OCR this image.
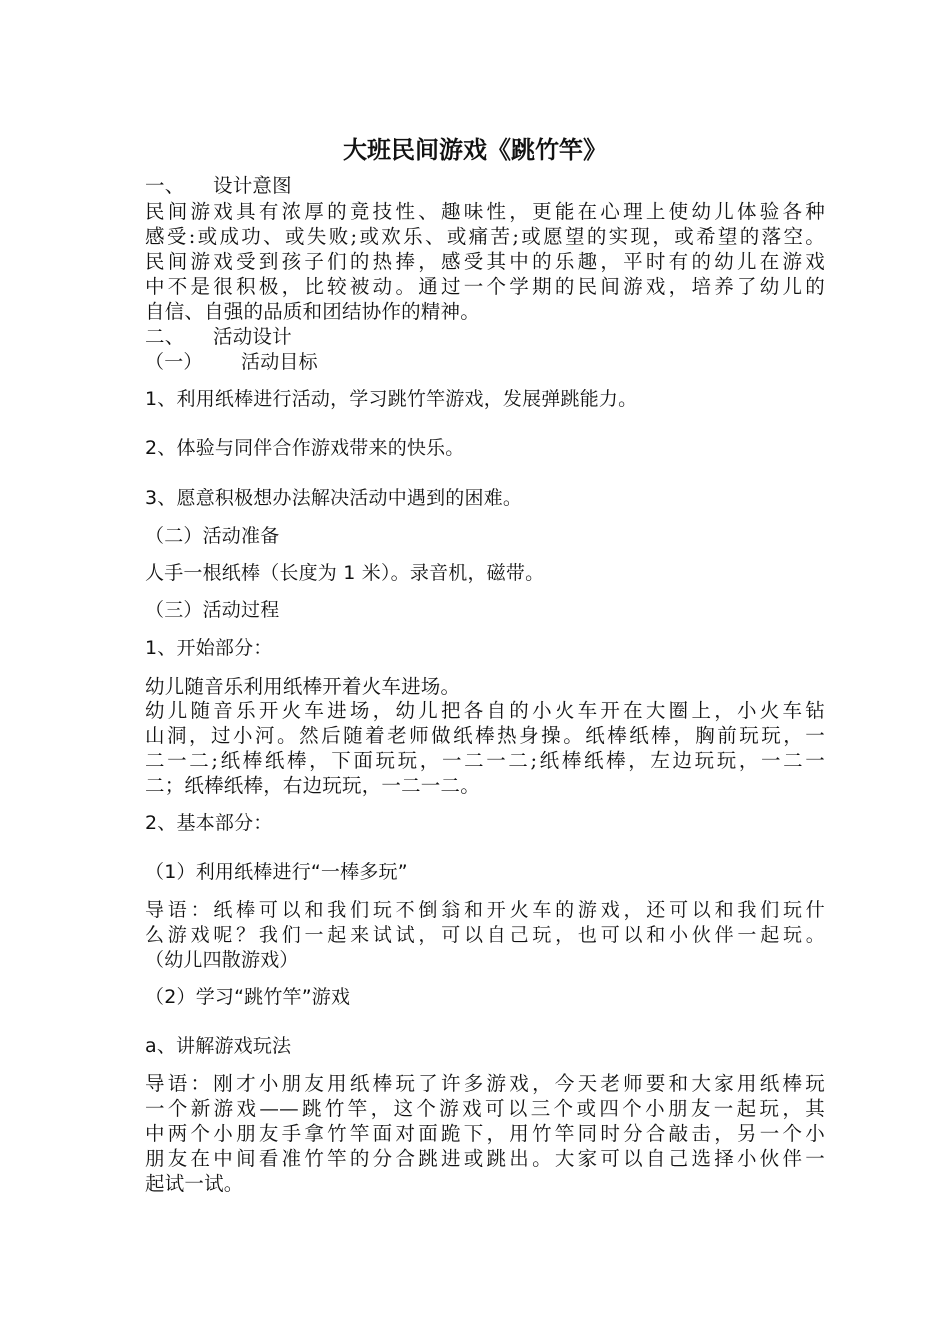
大班民间游戏《跳竹竿》
一、 设计意图
民间游戏具有浓厚的竟技性、趣味性，更能在心理上使幼儿体验各种
感受:或成功、或失败;或欢乐、或痛苦;或愿望的实现，或希望的落空。
民间游戏受到孩子们的热捧，感受其中的乐趣，平时有的幼儿在游戏
中不是很积极，比较被动。通过一个学期的民间游戏，培养了幼儿的
自信、自强的品质和团结协作的精神。
二、 活动设计
（一） 活动目标
1、利用纸棒进行活动，学习跳竹竿游戏，发展弹跳能力。
2、体验与同伴合作游戏带来的快乐。
3、愿意积极想办法解决活动中遇到的困难。
（二）活动准备
人手一根纸棒（长度为 1 米）。录音机，磁带。
（三）活动过程
1、开始部分：
幼儿随音乐利用纸棒开着火车进场。
幼儿随音乐开火车进场，幼儿把各自的小火车开在大圈上，小火车钻
山洞，过小河。然后随着老师做纸棒热身操。纸棒纸棒，胸前玩玩，一
二一二;纸棒纸棒，下面玩玩，一二一二;纸棒纸棒，左边玩玩，一二一
二；纸棒纸棒，右边玩玩，一二一二。
2、基本部分：
（1）利用纸棒进行“一棒多玩”
导语：纸棒可以和我们玩不倒翁和开火车的游戏，还可以和我们玩什
么游戏呢？我们一起来试试，可以自己玩，也可以和小伙伴一起玩。
（幼儿四散游戏）
（2）学习“跳竹竿”游戏
a、讲解游戏玩法
导语：刚才小朋友用纸棒玩了许多游戏，今天老师要和大家用纸棒玩
一个新游戏——跳竹竿，这个游戏可以三个或四个小朋友一起玩，其
中两个小朋友手拿竹竿面对面跪下，用竹竿同时分合敲击，另一个小
朋友在中间看准竹竿的分合跳进或跳出。大家可以自己选择小伙伴一
起试一试。
